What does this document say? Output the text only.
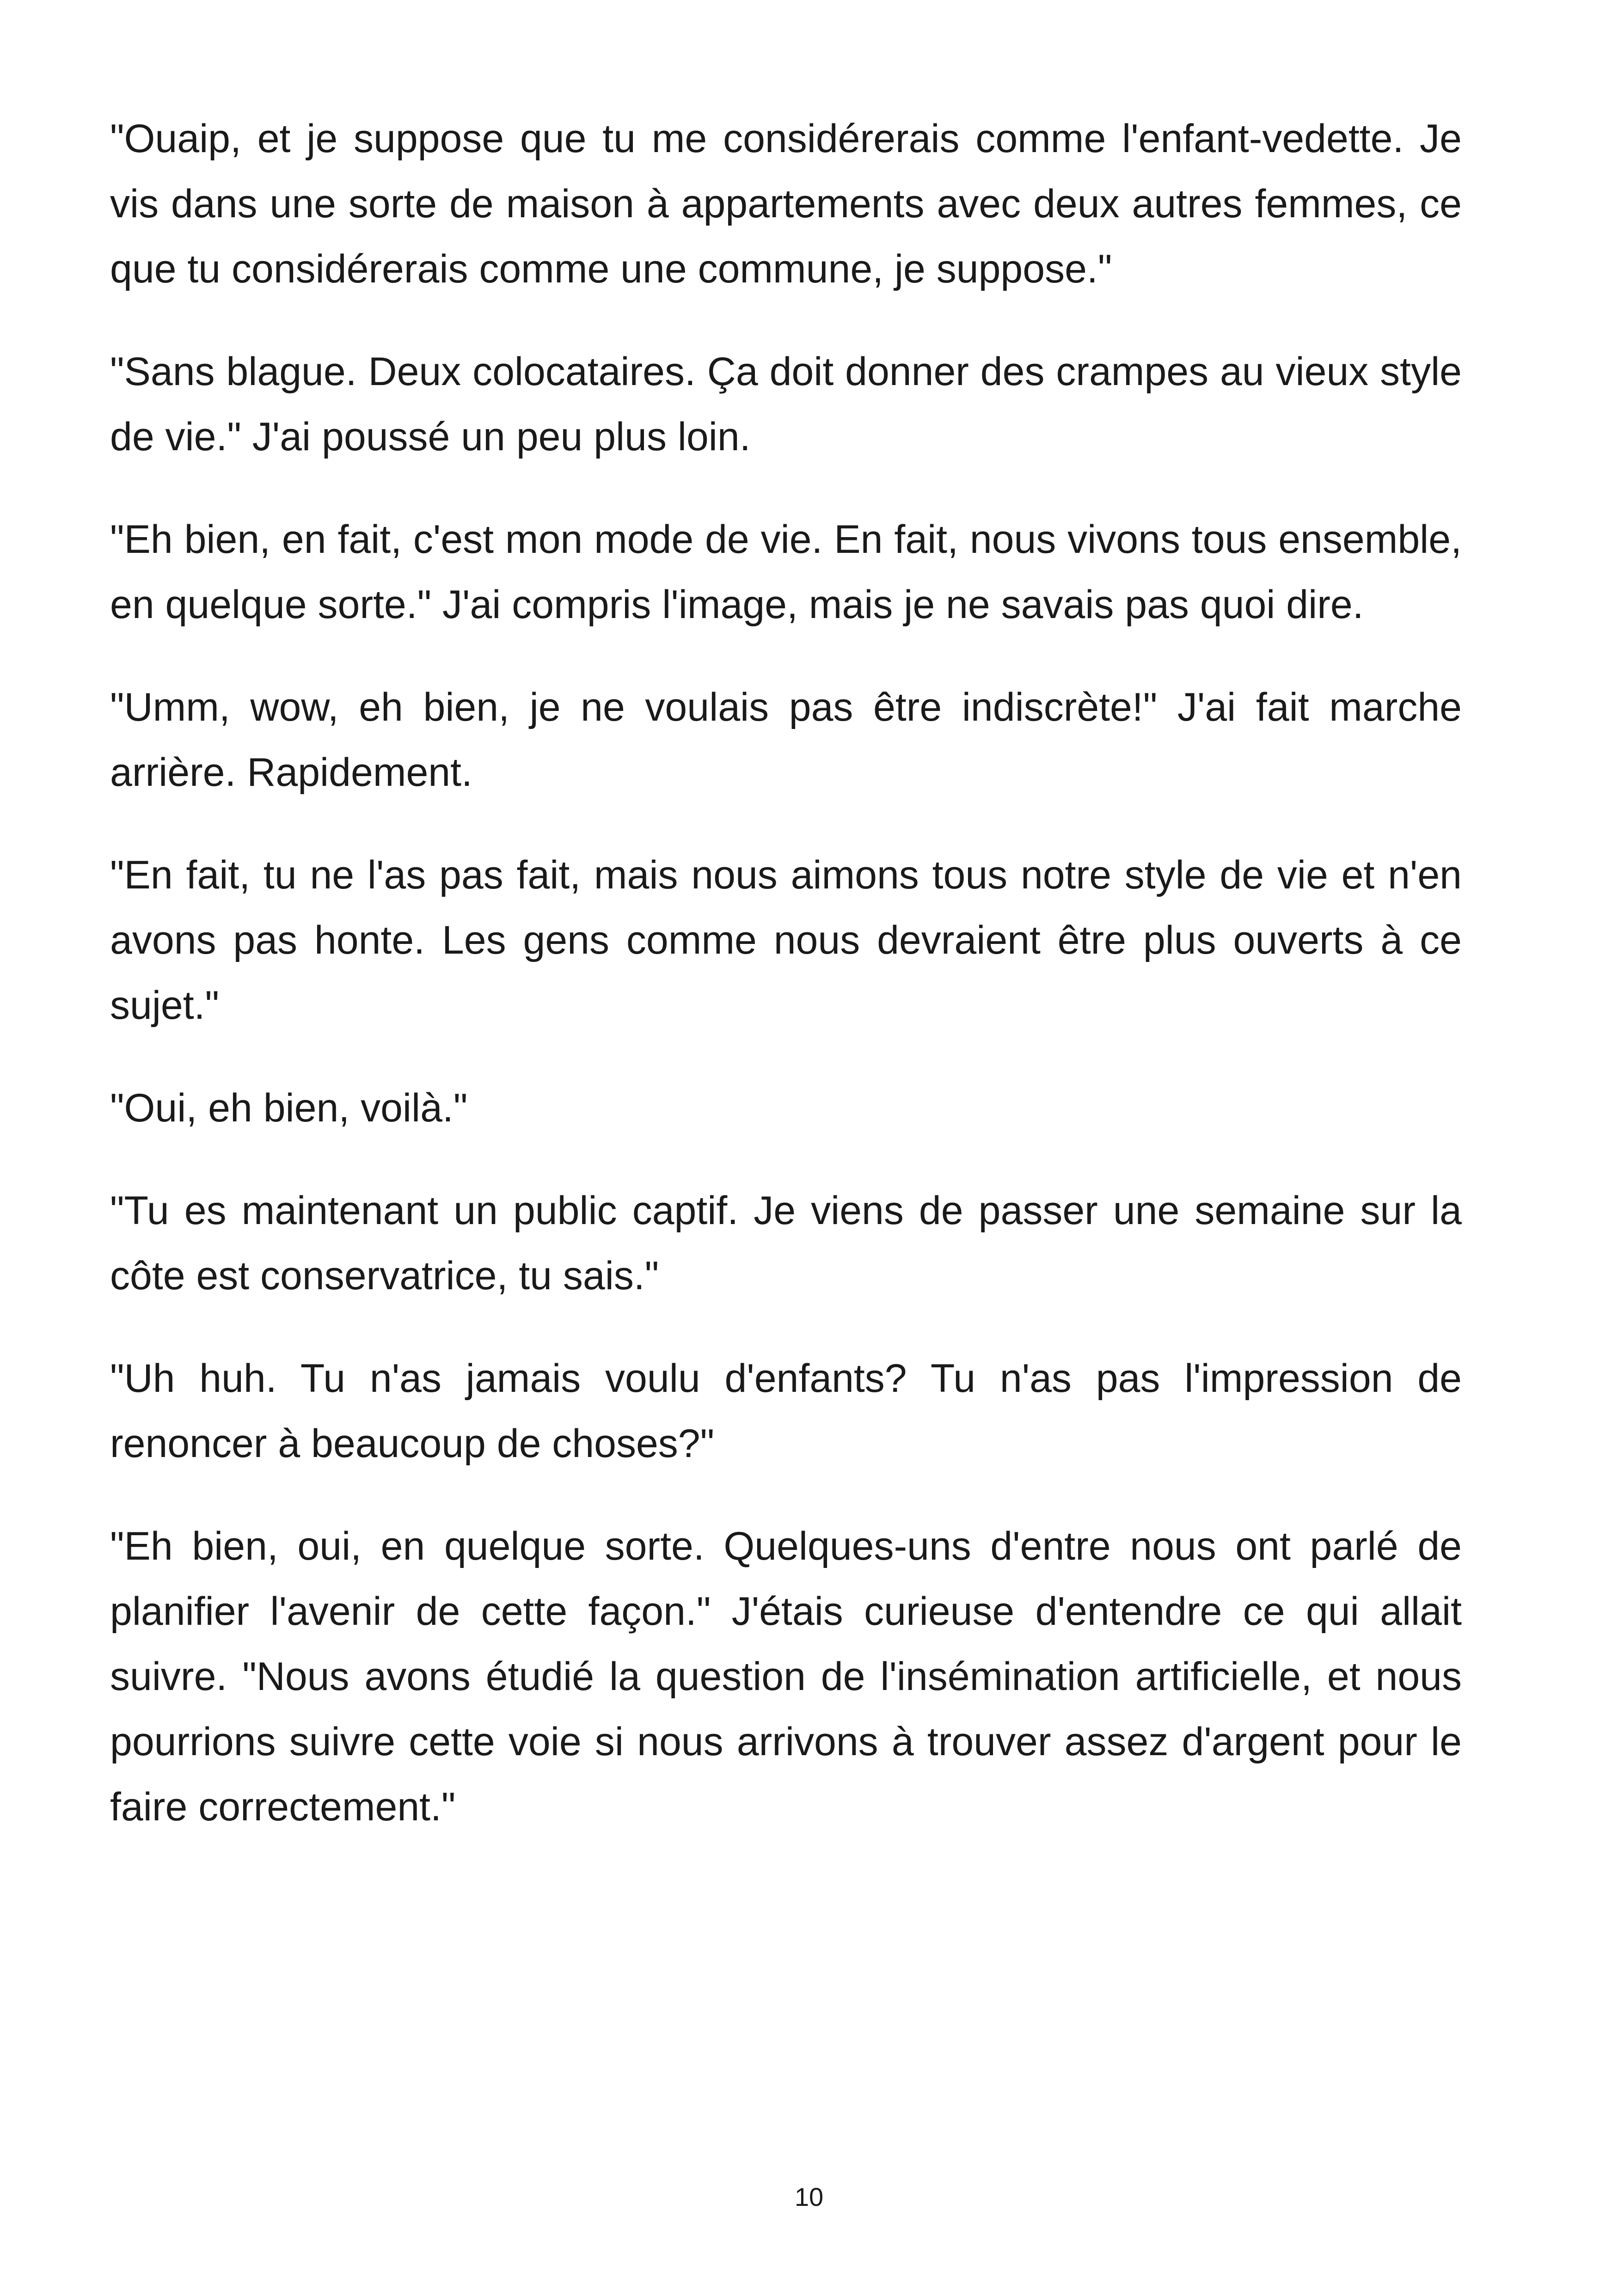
"Ouaip, et je suppose que tu me considérerais comme l'enfant-vedette. Je vis dans une sorte de maison à appartements avec deux autres femmes, ce que tu considérerais comme une commune, je suppose."

"Sans blague. Deux colocataires. Ça doit donner des crampes au vieux style de vie." J'ai poussé un peu plus loin.

"Eh bien, en fait, c'est mon mode de vie. En fait, nous vivons tous ensemble, en quelque sorte." J'ai compris l'image, mais je ne savais pas quoi dire.

"Umm, wow, eh bien, je ne voulais pas être indiscrète!" J'ai fait marche arrière. Rapidement.

"En fait, tu ne l'as pas fait, mais nous aimons tous notre style de vie et n'en avons pas honte. Les gens comme nous devraient être plus ouverts à ce sujet."

"Oui, eh bien, voilà."

"Tu es maintenant un public captif. Je viens de passer une semaine sur la côte est conservatrice, tu sais."

"Uh huh. Tu n'as jamais voulu d'enfants? Tu n'as pas l'impression de renoncer à beaucoup de choses?"

"Eh bien, oui, en quelque sorte. Quelques-uns d'entre nous ont parlé de planifier l'avenir de cette façon." J'étais curieuse d'entendre ce qui allait suivre. "Nous avons étudié la question de l'insémination artificielle, et nous pourrions suivre cette voie si nous arrivons à trouver assez d'argent pour le faire correctement."

10
